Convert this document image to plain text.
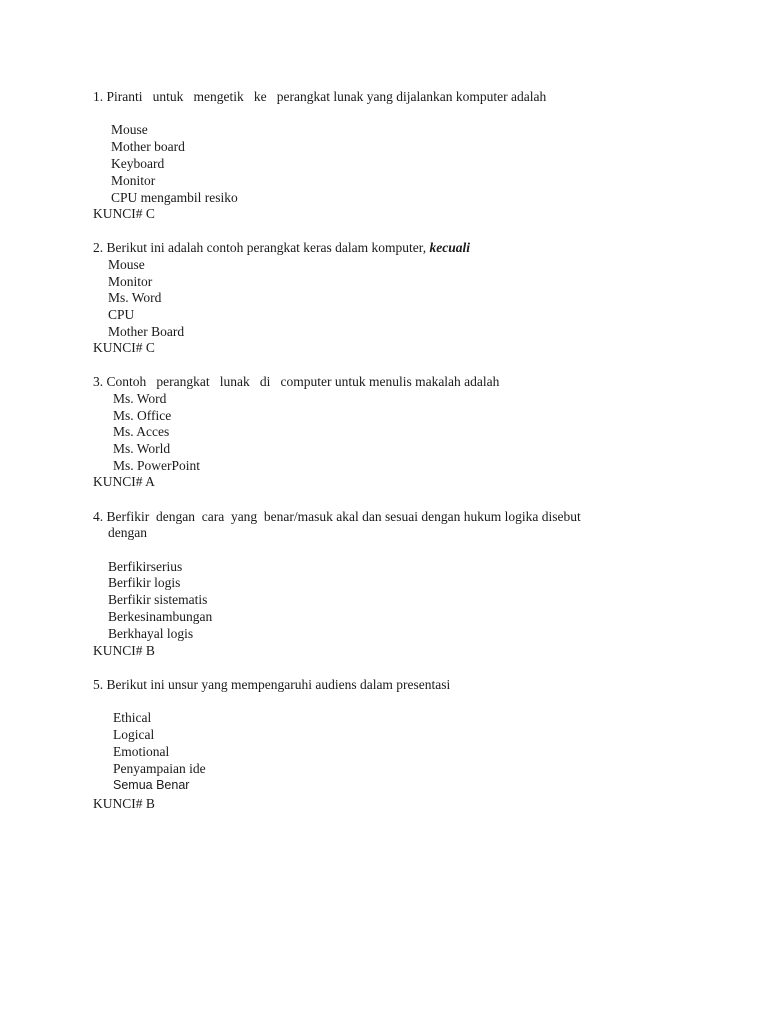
1. Piranti   untuk   mengetik   ke   perangkat lunak yang dijalankan komputer adalah
Mouse
Mother board
Keyboard
Monitor
CPU mengambil resiko
KUNCI# C
2. Berikut ini adalah contoh perangkat keras dalam komputer, kecuali
Mouse
Monitor
Ms. Word
CPU
Mother Board
KUNCI# C
3. Contoh   perangkat   lunak   di   computer untuk menulis makalah adalah
Ms. Word
Ms. Office
Ms. Acces
Ms. World
Ms. PowerPoint
KUNCI# A
4. Berfikir  dengan  cara  yang  benar/masuk akal dan sesuai dengan hukum logika disebut
dengan
Berfikirserius
Berfikir logis
Berfikir sistematis
Berkesinambungan
Berkhayal logis
KUNCI# B
5. Berikut ini unsur yang mempengaruhi audiens dalam presentasi
Ethical
Logical
Emotional
Penyampaian ide
Semua Benar
KUNCI# B
